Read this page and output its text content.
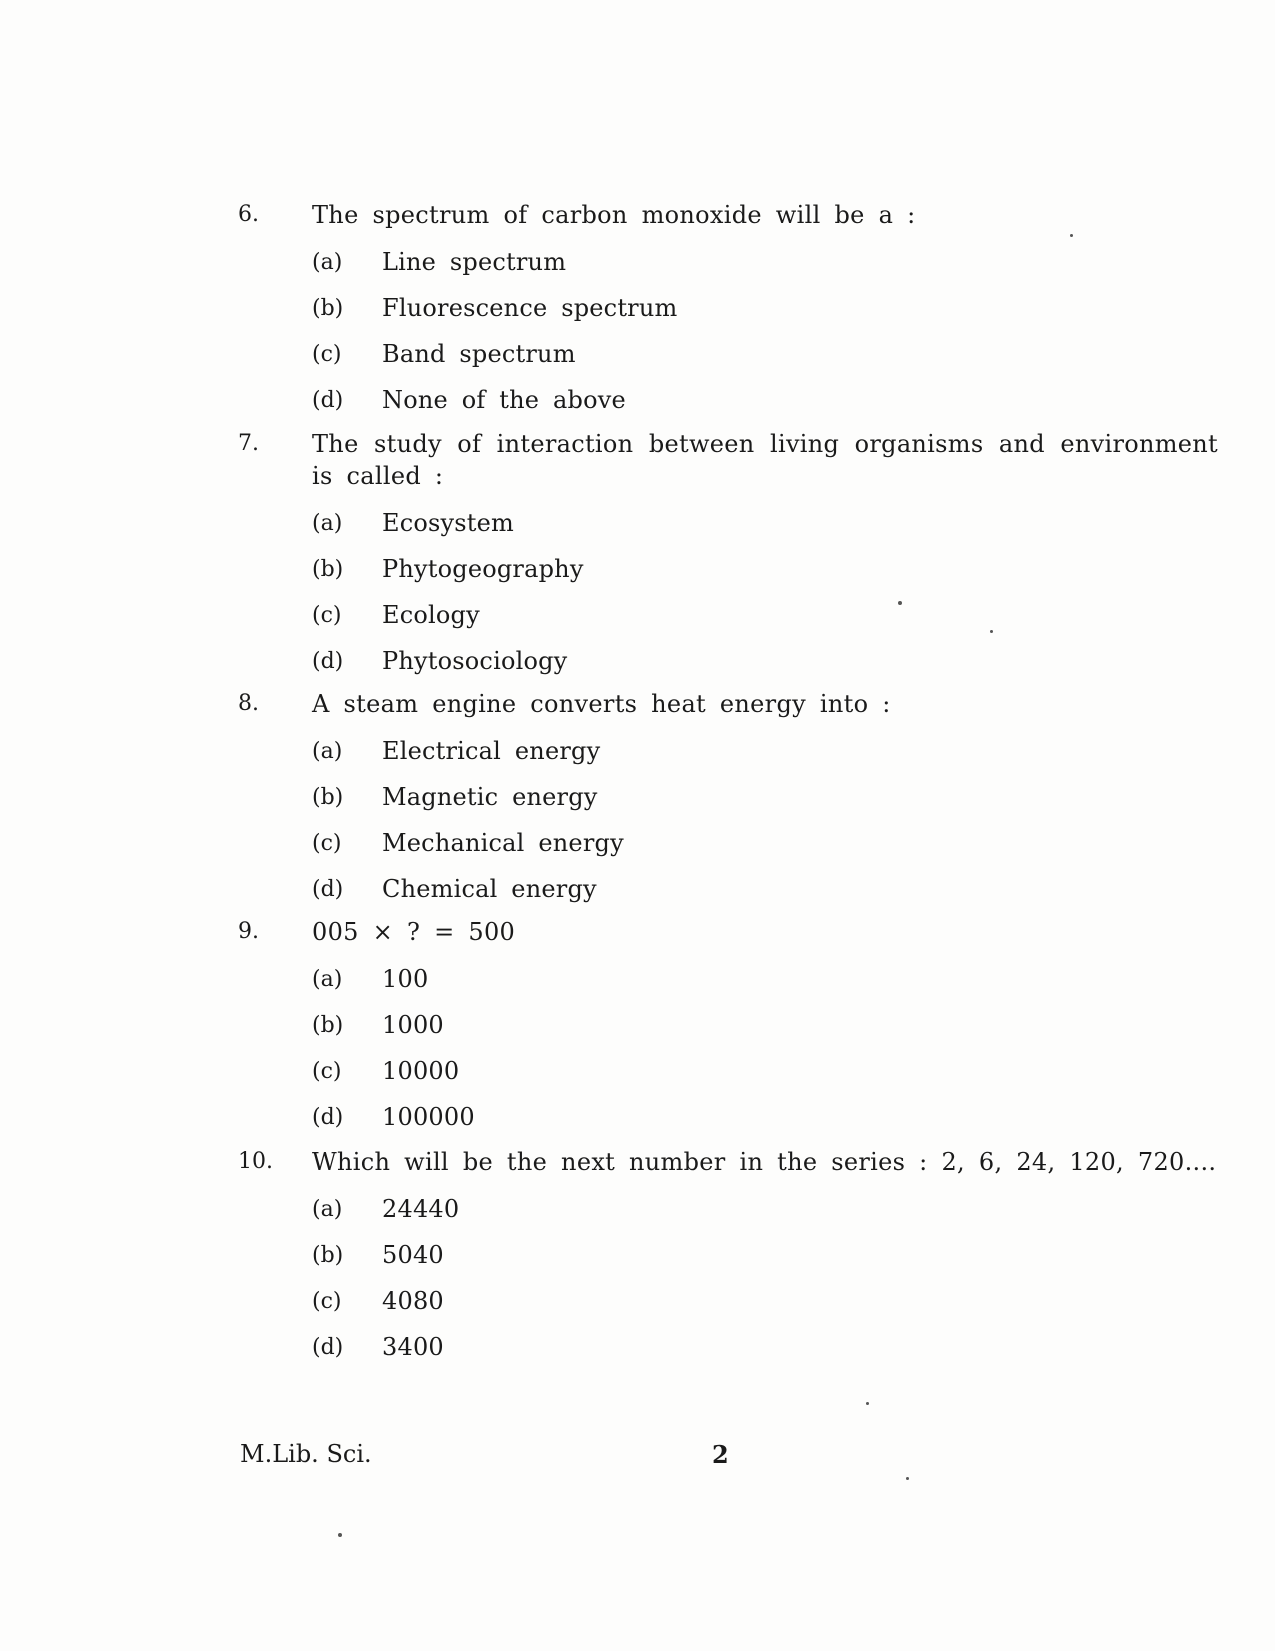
6.	The spectrum of carbon monoxide will be a :
(a)	Line spectrum
(b)	Fluorescence spectrum
(c)	Band spectrum
(d)	None of the above
7.	The study of interaction between living organisms and environment is called :
(a)	Ecosystem
(b)	Phytogeography
(c)	Ecology
(d)	Phytosociology
8.	A steam engine converts heat energy into :
(a)	Electrical energy
(b)	Magnetic energy
(c)	Mechanical energy
(d)	Chemical energy
9.	005 × ? = 500
(a)	100
(b)	1000
(c)	10000
(d)	100000
10.	Which will be the next number in the series : 2, 6, 24, 120, 720....
(a)	24440
(b)	5040
(c)	4080
(d)	3400
M.Lib. Sci.	2
